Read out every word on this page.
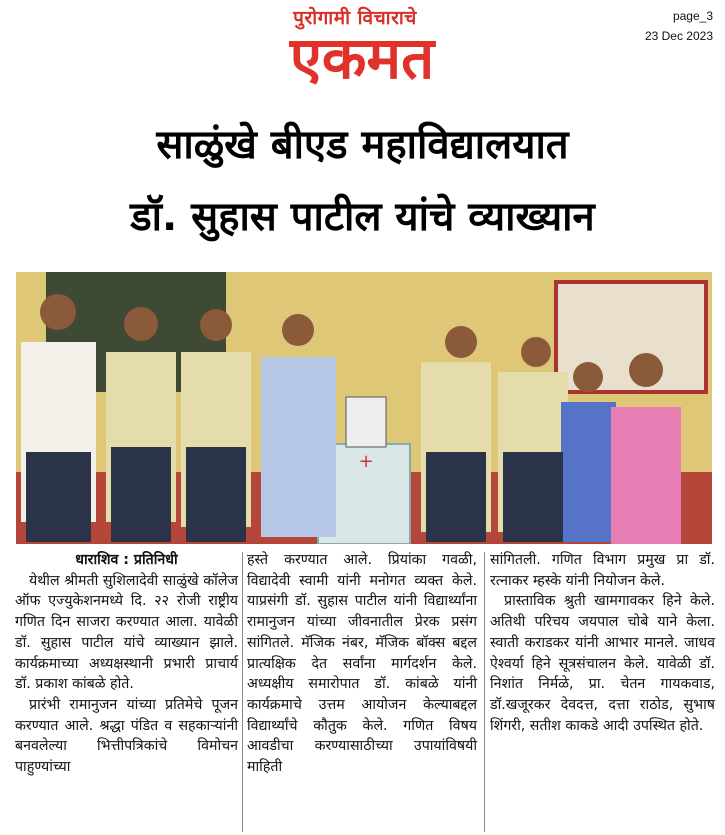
पुरोगामी विचाराचे
एकमत
page_3
23 Dec 2023
साळुंखे बीएड महाविद्यालयात
डॉ. सुहास पाटील यांचे व्याख्यान
+
धाराशिव : प्रतिनिधी

येथील श्रीमती सुशिलादेवी साळुंखे कॉलेज ऑफ एज्युकेशनमध्ये दि. २२ रोजी राष्ट्रीय गणित दिन साजरा करण्यात आला. यावेळी डॉ. सुहास पाटील यांचे व्याख्यान झाले. कार्यक्रमाच्या अध्यक्षस्थानी प्रभारी प्राचार्य डॉ. प्रकाश कांबळे होते.

प्रारंभी रामानुजन यांच्या प्रतिमेचे पूजन करण्यात आले. श्रद्धा पंडित व सहकाऱ्यांनी बनवलेल्या भित्तीपत्रिकांचे विमोचन पाहुण्यांच्या

हस्ते करण्यात आले. प्रियांका गवळी, विद्यादेवी स्वामी यांनी मनोगत व्यक्त केले. याप्रसंगी डॉ. सुहास पाटील यांनी विद्यार्थ्यांना रामानुजन यांच्या जीवनातील प्रेरक प्रसंग सांगितले. मॅजिक नंबर, मॅजिक बॉक्स बद्दल प्रात्यक्षिक देत सर्वांना मार्गदर्शन केले. अध्यक्षीय समारोपात डॉ. कांबळे यांनी कार्यक्रमाचे उत्तम आयोजन केल्याबद्दल विद्यार्थ्यांचे कौतुक केले. गणित विषय आवडीचा करण्यासाठीच्या उपायांविषयी माहिती

सांगितली. गणित विभाग प्रमुख प्रा डॉ. रत्नाकर म्हस्के यांनी नियोजन केले.

प्रास्ताविक श्रुती खामगावकर हिने केले. अतिथी परिचय जयपाल चोबे याने केला. स्वाती कराडकर यांनी आभार मानले. जाधव ऐश्वर्या हिने सूत्रसंचालन केले. यावेळी डॉ. निशांत निर्मळे, प्रा. चेतन गायकवाड, डॉ.खजूरकर देवदत्त, दत्ता राठोड, सुभाष शिंगरी, सतीश काकडे आदी उपस्थित होते.
